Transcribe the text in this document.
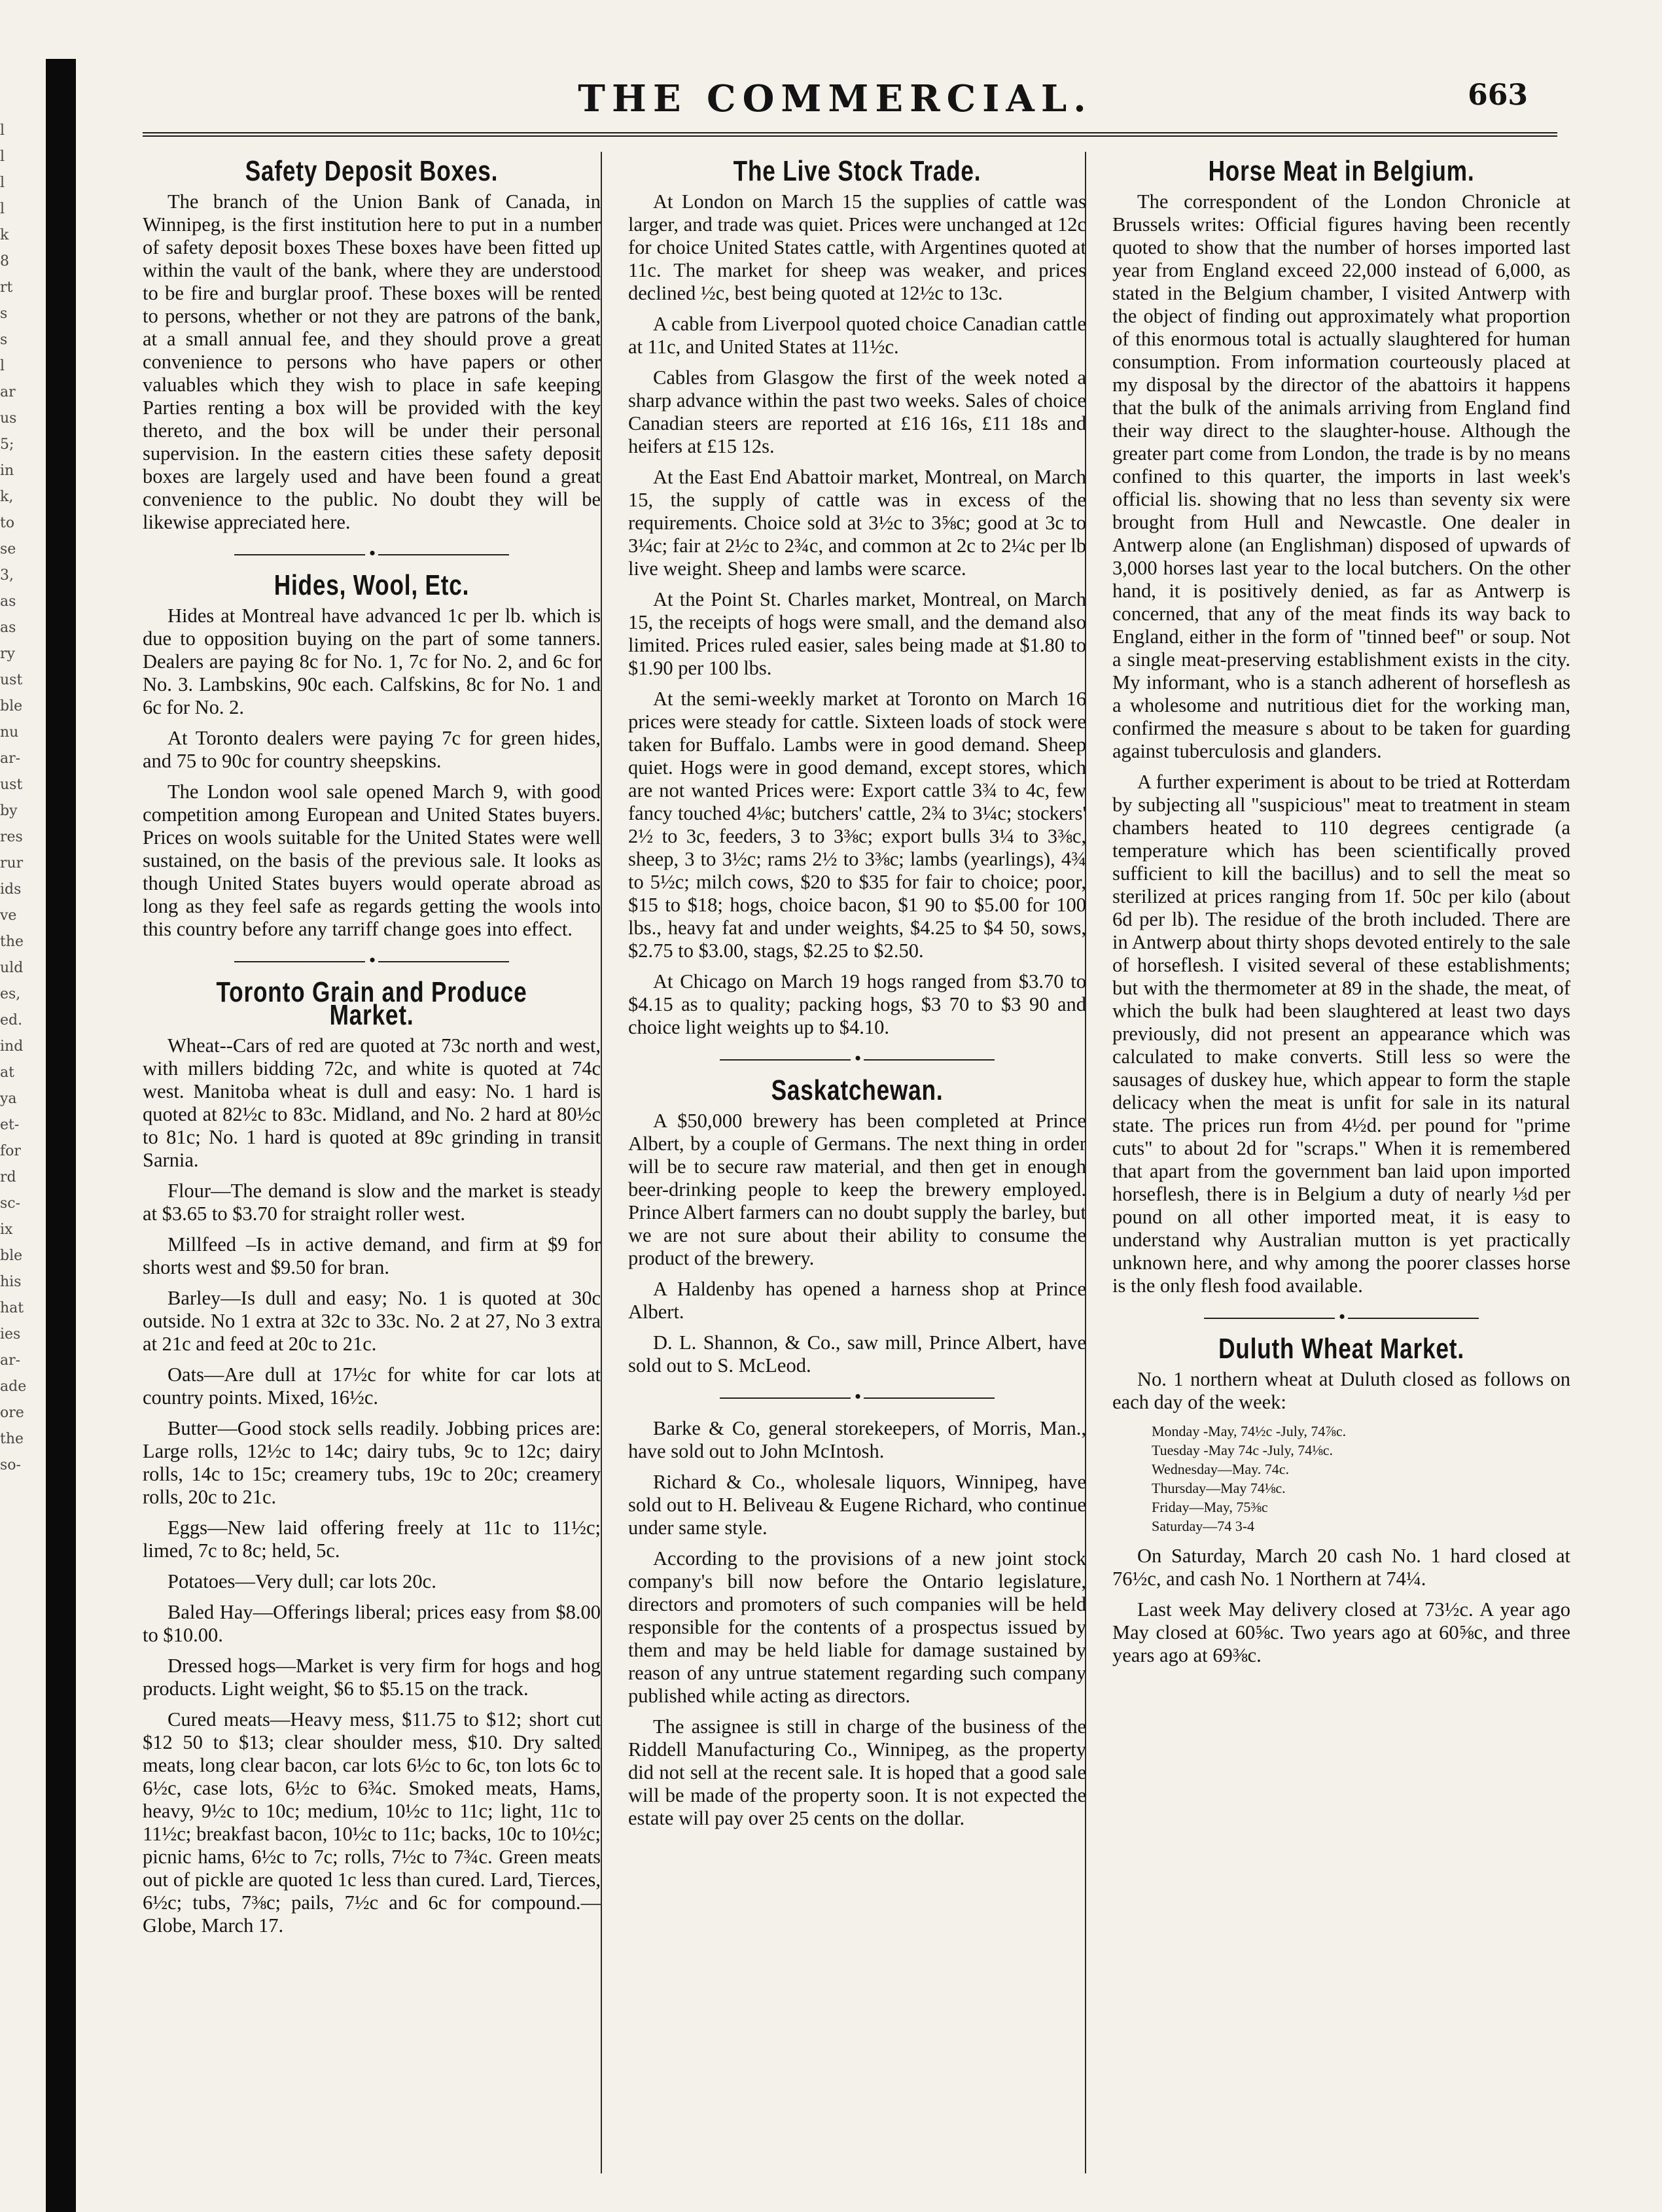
l
l
l
l
k
8
rt
s
s
l
ar
us
5;
in
k,
to
se
3,
as
as
ry
ust
ble
nu
ar-
ust
by
res
rur
ids
ve
the
uld
es,
ed.
ind
at
ya
et-
for
rd
sc-
ix
ble
his
hat
ies
ar-
ade
ore
the
so-
THE COMMERCIAL.	663
Safety Deposit Boxes.

The branch of the Union Bank of Canada, in Winnipeg, is the first institution here to put in a number of safety deposit boxes These boxes have been fitted up within the vault of the bank, where they are understood to be fire and burglar proof. These boxes will be rented to persons, whether or not they are patrons of the bank, at a small annual fee, and they should prove a great convenience to persons who have papers or other valuables which they wish to place in safe keeping Parties renting a box will be provided with the key thereto, and the box will be under their personal supervision. In the eastern cities these safety deposit boxes are largely used and have been found a great convenience to the public. No doubt they will be likewise appreciated here.

•
Hides, Wool, Etc.

Hides at Montreal have advanced 1c per lb. which is due to opposition buying on the part of some tanners. Dealers are paying 8c for No. 1, 7c for No. 2, and 6c for No. 3. Lambskins, 90c each. Calfskins, 8c for No. 1 and 6c for No. 2.

At Toronto dealers were paying 7c for green hides, and 75 to 90c for country sheepskins.

The London wool sale opened March 9, with good competition among European and United States buyers. Prices on wools suitable for the United States were well sustained, on the basis of the previous sale. It looks as though United States buyers would operate abroad as long as they feel safe as regards getting the wools into this country before any tarriff change goes into effect.

•
Toronto Grain and Produce Market.

Wheat--Cars of red are quoted at 73c north and west, with millers bidding 72c, and white is quoted at 74c west. Manitoba wheat is dull and easy: No. 1 hard is quoted at 82½c to 83c. Midland, and No. 2 hard at 80½c to 81c; No. 1 hard is quoted at 89c grinding in transit Sarnia.

Flour—The demand is slow and the market is steady at $3.65 to $3.70 for straight roller west.

Millfeed –Is in active demand, and firm at $9 for shorts west and $9.50 for bran.

Barley—Is dull and easy; No. 1 is quoted at 30c outside. No 1 extra at 32c to 33c. No. 2 at 27, No 3 extra at 21c and feed at 20c to 21c.

Oats—Are dull at 17½c for white for car lots at country points. Mixed, 16½c.

Butter—Good stock sells readily. Jobbing prices are: Large rolls, 12½c to 14c; dairy tubs, 9c to 12c; dairy rolls, 14c to 15c; creamery tubs, 19c to 20c; creamery rolls, 20c to 21c.

Eggs—New laid offering freely at 11c to 11½c; limed, 7c to 8c; held, 5c.

Potatoes—Very dull; car lots 20c.

Baled Hay—Offerings liberal; prices easy from $8.00 to $10.00.

Dressed hogs—Market is very firm for hogs and hog products. Light weight, $6 to $5.15 on the track.

Cured meats—Heavy mess, $11.75 to $12; short cut $12 50 to $13; clear shoulder mess, $10. Dry salted meats, long clear bacon, car lots 6½c to 6c, ton lots 6c to 6½c, case lots, 6½c to 6¾c. Smoked meats, Hams, heavy, 9½c to 10c; medium, 10½c to 11c; light, 11c to 11½c; breakfast bacon, 10½c to 11c; backs, 10c to 10½c; picnic hams, 6½c to 7c; rolls, 7½c to 7¾c. Green meats out of pickle are quoted 1c less than cured. Lard, Tierces, 6½c; tubs, 7⅜c; pails, 7½c and 6c for compound.—Globe, March 17.

The Live Stock Trade.

At London on March 15 the supplies of cattle was larger, and trade was quiet. Prices were unchanged at 12c for choice United States cattle, with Argentines quoted at 11c. The market for sheep was weaker, and prices declined ½c, best being quoted at 12½c to 13c.

A cable from Liverpool quoted choice Canadian cattle at 11c, and United States at 11½c.

Cables from Glasgow the first of the week noted a sharp advance within the past two weeks. Sales of choice Canadian steers are reported at £16 16s, £11 18s and heifers at £15 12s.

At the East End Abattoir market, Montreal, on March 15, the supply of cattle was in excess of the requirements. Choice sold at 3½c to 3⅝c; good at 3c to 3¼c; fair at 2½c to 2¾c, and common at 2c to 2¼c per lb live weight. Sheep and lambs were scarce.

At the Point St. Charles market, Montreal, on March 15, the receipts of hogs were small, and the demand also limited. Prices ruled easier, sales being made at $1.80 to $1.90 per 100 lbs.

At the semi-weekly market at Toronto on March 16 prices were steady for cattle. Sixteen loads of stock were taken for Buffalo. Lambs were in good demand. Sheep quiet. Hogs were in good demand, except stores, which are not wanted Prices were: Export cattle 3¾ to 4c, few fancy touched 4⅛c; butchers' cattle, 2¾ to 3¼c; stockers' 2½ to 3c, feeders, 3 to 3⅜c; export bulls 3¼ to 3⅜c, sheep, 3 to 3½c; rams 2½ to 3⅜c; lambs (yearlings), 4¾ to 5½c; milch cows, $20 to $35 for fair to choice; poor, $15 to $18; hogs, choice bacon, $1 90 to $5.00 for 100 lbs., heavy fat and under weights, $4.25 to $4 50, sows, $2.75 to $3.00, stags, $2.25 to $2.50.

At Chicago on March 19 hogs ranged from $3.70 to $4.15 as to quality; packing hogs, $3 70 to $3 90 and choice light weights up to $4.10.

•
Saskatchewan.

A $50,000 brewery has been completed at Prince Albert, by a couple of Germans. The next thing in order will be to secure raw material, and then get in enough beer-drinking people to keep the brewery employed. Prince Albert farmers can no doubt supply the barley, but we are not sure about their ability to consume the product of the brewery.

A Haldenby has opened a harness shop at Prince Albert.

D. L. Shannon, & Co., saw mill, Prince Albert, have sold out to S. McLeod.

•

Barke & Co, general storekeepers, of Morris, Man., have sold out to John McIntosh.

Richard & Co., wholesale liquors, Winnipeg, have sold out to H. Beliveau & Eugene Richard, who continue under same style.

According to the provisions of a new joint stock company's bill now before the Ontario legislature, directors and promoters of such companies will be held responsible for the contents of a prospectus issued by them and may be held liable for damage sustained by reason of any untrue statement regarding such company published while acting as directors.

The assignee is still in charge of the business of the Riddell Manufacturing Co., Winnipeg, as the property did not sell at the recent sale. It is hoped that a good sale will be made of the property soon. It is not expected the estate will pay over 25 cents on the dollar.

Horse Meat in Belgium.

The correspondent of the London Chronicle at Brussels writes: Official figures having been recently quoted to show that the number of horses imported last year from England exceed 22,000 instead of 6,000, as stated in the Belgium chamber, I visited Antwerp with the object of finding out approximately what proportion of this enormous total is actually slaughtered for human consumption. From information courteously placed at my disposal by the director of the abattoirs it happens that the bulk of the animals arriving from England find their way direct to the slaughter-house. Although the greater part come from London, the trade is by no means confined to this quarter, the imports in last week's official lis. showing that no less than seventy six were brought from Hull and Newcastle. One dealer in Antwerp alone (an Englishman) disposed of upwards of 3,000 horses last year to the local butchers. On the other hand, it is positively denied, as far as Antwerp is concerned, that any of the meat finds its way back to England, either in the form of "tinned beef" or soup. Not a single meat-preserving establishment exists in the city. My informant, who is a stanch adherent of horseflesh as a wholesome and nutritious diet for the working man, confirmed the measure s about to be taken for guarding against tuberculosis and glanders.

A further experiment is about to be tried at Rotterdam by subjecting all "suspicious" meat to treatment in steam chambers heated to 110 degrees centigrade (a temperature which has been scientifically proved sufficient to kill the bacillus) and to sell the meat so sterilized at prices ranging from 1f. 50c per kilo (about 6d per lb). The residue of the broth included. There are in Antwerp about thirty shops devoted entirely to the sale of horseflesh. I visited several of these establishments; but with the thermometer at 89 in the shade, the meat, of which the bulk had been slaughtered at least two days previously, did not present an appearance which was calculated to make converts. Still less so were the sausages of duskey hue, which appear to form the staple delicacy when the meat is unfit for sale in its natural state. The prices run from 4½d. per pound for "prime cuts" to about 2d for "scraps." When it is remembered that apart from the government ban laid upon imported horseflesh, there is in Belgium a duty of nearly ⅓d per pound on all other imported meat, it is easy to understand why Australian mutton is yet practically unknown here, and why among the poorer classes horse is the only flesh food available.

•
Duluth Wheat Market.

No. 1 northern wheat at Duluth closed as follows on each day of the week:

Monday -May, 74½c -July, 74⅞c.
Tuesday -May 74c -July, 74⅛c.
Wednesday—May. 74c.
Thursday—May 74⅛c.
Friday—May, 75⅜c
Saturday—74 3-4

On Saturday, March 20 cash No. 1 hard closed at 76½c, and cash No. 1 Northern at 74¼.

Last week May delivery closed at 73½c. A year ago May closed at 60⅝c. Two years ago at 60⅝c, and three years ago at 69⅜c.
